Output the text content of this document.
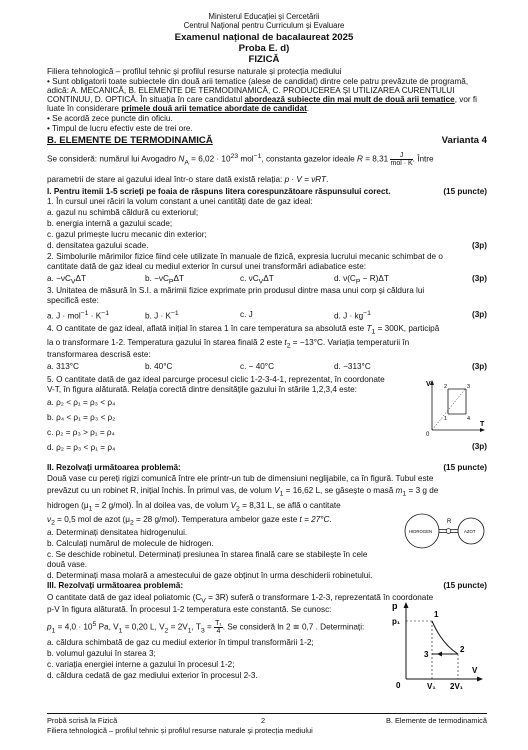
Ministerul Educației și Cercetării
Centrul Național pentru Curriculum și Evaluare
Examenul național de bacalaureat 2025
Proba E. d)
FIZICĂ
Filiera tehnologică – profilul tehnic și profilul resurse naturale și protecția mediului
• Sunt obligatorii toate subiectele din două arii tematice (alese de candidat) dintre cele patru prevăzute de programă,
adică: A. MECANICĂ, B. ELEMENTE DE TERMODINAMICĂ, C. PRODUCEREA ȘI UTILIZAREA CURENTULUI
CONTINUU, D. OPTICĂ. În situația în care candidatul abordează subiecte din mai mult de două arii tematice, vor fi
luate în considerare primele două arii tematice abordate de candidat.
• Se acordă zece puncte din oficiu.
• Timpul de lucru efectiv este de trei ore.
B. ELEMENTE DE TERMODINAMICĂ	Varianta 4
Se consideră: numărul lui Avogadro $N_A = 6,02 \cdot 10^{23}$ mol$^{-1}$, constanta gazelor ideale $R = 8,31 \frac{J}{\text{mol · K}}$ . Între
parametrii de stare ai gazului ideal într-o stare dată există relația: p · V = νRT.
I. Pentru itemii 1-5 scrieți pe foaia de răspuns litera corespunzătoare răspunsului corect.	(15 puncte)
1. În cursul unei răciri la volum constant a unei cantități date de gaz ideal:
a. gazul nu schimbă căldură cu exteriorul;
b. energia internă a gazului scade;
c. gazul primește lucru mecanic din exterior;
d. densitatea gazului scade.	(3p)
2. Simbolurile mărimilor fizice fiind cele utilizate în manuale de fizică, expresia lucrului mecanic schimbat de o
cantitate dată de gaz ideal cu mediul exterior în cursul unei transformări adiabatice este:
a. $-\nu C_V\Delta T$	b. $-\nu C_P\Delta T$	c. $\nu C_V\Delta T$	d. $\nu(C_P - R)\Delta T$	(3p)
3. Unitatea de măsură în S.I. a mărimii fizice exprimate prin produsul dintre masa unui corp și căldura lui
specifică este:
a. $J \cdot mol^{-1} \cdot K^{-1}$	b. $J \cdot K^{-1}$	c. J	d. $J \cdot kg^{-1}$	(3p)
4. O cantitate de gaz ideal, aflată inițial în starea 1 în care temperatura sa absolută este $T_1 = 300K$, participă
la o transformare 1-2. Temperatura gazului în starea finală 2 este $t_2 = -13^\circ C$. Variația temperaturii în
transformarea descrisă este:
a. 313°C	b. 40°C	c. − 40°C	d. −313°C	(3p)
5. O cantitate dată de gaz ideal parcurge procesul ciclic 1-2-3-4-1, reprezentat, în coordonate
V-T, în figura alăturată. Relația corectă dintre densitățile gazului în stările 1,2,3,4 este:
a. ρ₂ < ρ₁ = ρ₃ < ρ₄
b. ρ₄ < ρ₁ = ρ₃ < ρ₂
c. ρ₂ = ρ₃ > ρ₁ = ρ₄
d. ρ₂ = ρ₃ < ρ₁ = ρ₄	(3p)
V
T
0
1
2	3
4
II. Rezolvați următoarea problemă:	(15 puncte)
Două vase cu pereți rigizi comunică între ele printr-un tub de dimensiuni neglijabile, ca în figură. Tubul este
prevăzut cu un robinet R, inițial închis. În primul vas, de volum $V_1 = 16,62$ L, se găsește o masă $m_1 = 3$ g de
hidrogen ($\mu_1 = 2$ g/mol). În al doilea vas, de volum $V_2 = 8,31$ L, se află o cantitate
$\nu_2 = 0,5$ mol de azot ($\mu_2 = 28$ g/mol). Temperatura ambelor gaze este t = 27°C.
a. Determinați densitatea hidrogenului.
b. Calculați numărul de molecule de hidrogen.
c. Se deschide robinetul. Determinați presiunea în starea finală care se stabilește în cele
două vase.
d. Determinați masa molară a amestecului de gaze obținut în urma deschiderii robinetului.
R
HIDROGEN	AZOT
III. Rezolvați următoarea problemă:	(15 puncte)
O cantitate dată de gaz ideal poliatomic $(C_V = 3R)$ suferă o transformare 1-2-3, reprezentată în coordonate
p-V în figura alăturată. În procesul 1-2 temperatura este constantă. Se cunosc:
$p_1 = 4,0 \cdot 10^5$ Pa, $V_1 = 0,20$ L, $V_2 = 2V_1$, $T_3 = \frac{\text{T₁}}{4}$ . Se consideră ln 2 ≅ 0,7 . Determinați:
a. căldura schimbată de gaz cu mediul exterior în timpul transformării 1-2;
b. volumul gazului în starea 3;
c. variația energiei interne a gazului în procesul 1-2;
d. căldura cedată de gaz mediului exterior în procesul 2-3.
p
p₁
V
0	V₁ 2V₁
1
2
3
Probă scrisă la Fizică	2	B. Elemente de termodinamică
Filiera tehnologică – profilul tehnic și profilul resurse naturale și protecția mediului
